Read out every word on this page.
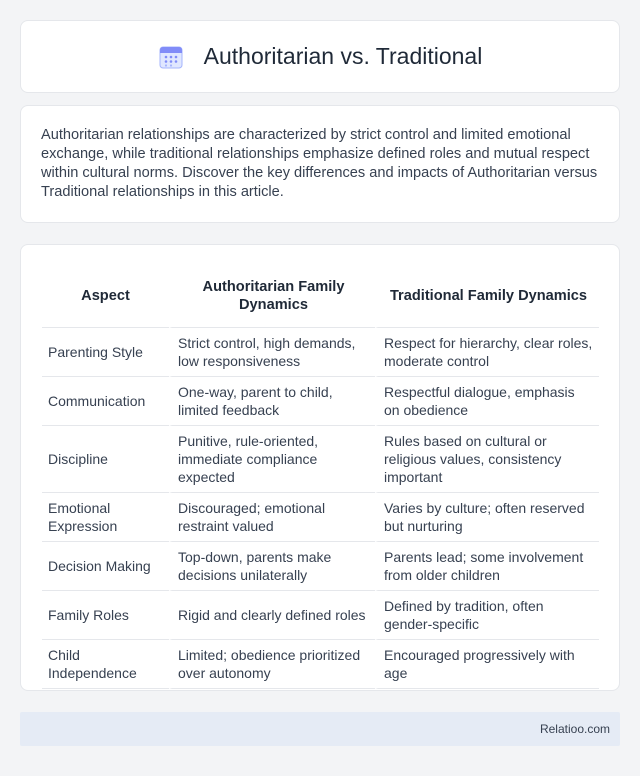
Authoritarian vs. Traditional

Authoritarian relationships are characterized by strict control and limited emotional exchange, while traditional relationships emphasize defined roles and mutual respect within cultural norms. Discover the key differences and impacts of Authoritarian versus Traditional relationships in this article.

Aspect	Authoritarian Family Dynamics	Traditional Family Dynamics
Parenting Style	Strict control, high demands, low responsiveness	Respect for hierarchy, clear roles, moderate control
Communication	One-way, parent to child, limited feedback	Respectful dialogue, emphasis on obedience
Discipline	Punitive, rule-oriented, immediate compliance expected	Rules based on cultural or religious values, consistency important
Emotional Expression	Discouraged; emotional restraint valued	Varies by culture; often reserved but nurturing
Decision Making	Top-down, parents make decisions unilaterally	Parents lead; some involvement from older children
Family Roles	Rigid and clearly defined roles	Defined by tradition, often gender-specific
Child Independence	Limited; obedience prioritized over autonomy	Encouraged progressively with age
Relatioo.com
